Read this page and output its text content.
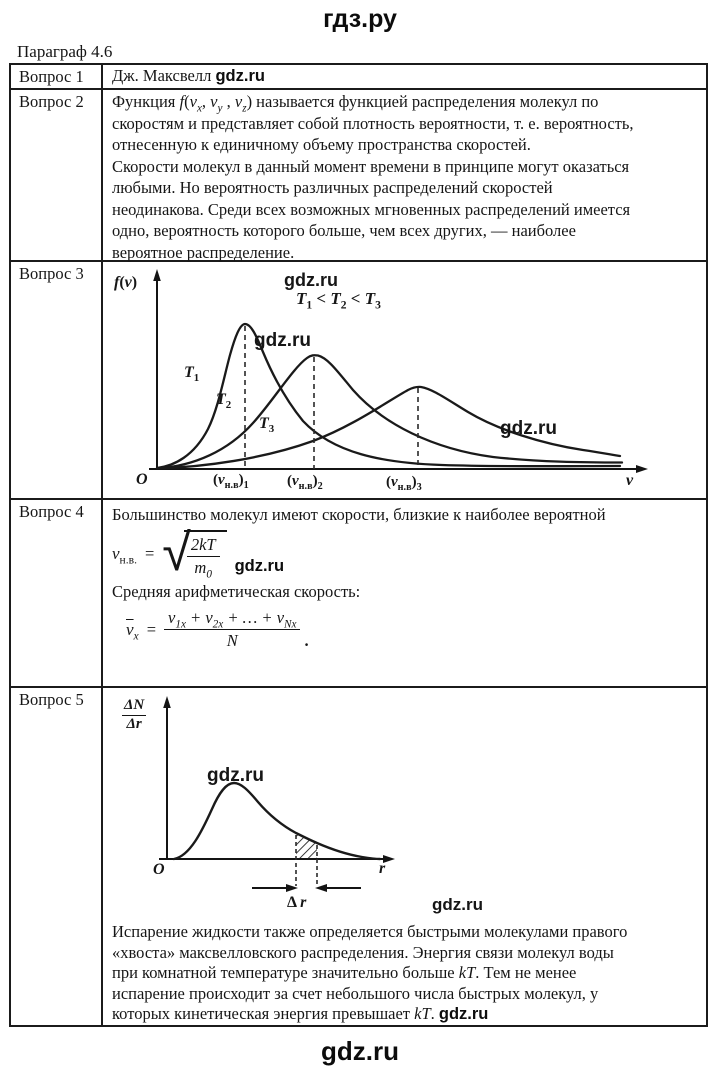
гдз.ру
Параграф 4.6
Вопрос 1	Дж. Максвелл gdz.ru
Вопрос 2	Функция $f(v_x$, $v_y$ , $v_z$) называется функцией распределения молекул по
скоростям и представляет собой плотность вероятности, т. е. вероятность,
отнесенную к единичному объему пространства скоростей.
Скорости молекул в данный момент времени в принципе могут оказаться
любыми. Но вероятность различных распределений скоростей
неодинакова. Среди всех возможных мгновенных распределений имеется
одно, вероятность которого больше, чем всех других, — наиболее
вероятное распределение.
Вопрос 3	f(v)	gdz.ru
$T_1 < T_2 < T_3$
gdz.ru
$T_1$
$T_2$
$T_3$	gdz.ru
O	$(v_{н.в})_1$	$(v_{н.в})_2$	$(v_{н.в})_3$	v
Вопрос 4	Большинство молекул имеют скорости, близкие к наиболее вероятной
$v_{н.в.}$ = √
$\frac{2kT}{m_0} gdz.ru$
Средняя арифметическая скорость:
$\overline{v}_x = \frac{v_{1x} + v_{2x} + \dots + v_{Nx}}{N}$ .
Вопрос 5	$\frac{\Delta N}{\Delta r}$
gdz.ru
O	r
Δ r	gdz.ru
Испарение жидкости также определяется быстрыми молекулами правого
«хвоста» максвелловского распределения. Энергия связи молекул воды
при комнатной температуре значительно больше kT. Тем не менее
испарение происходит за счет небольшого числа быстрых молекул, у
которых кинетическая энергия превышает kT. gdz.ru
gdz.ru
